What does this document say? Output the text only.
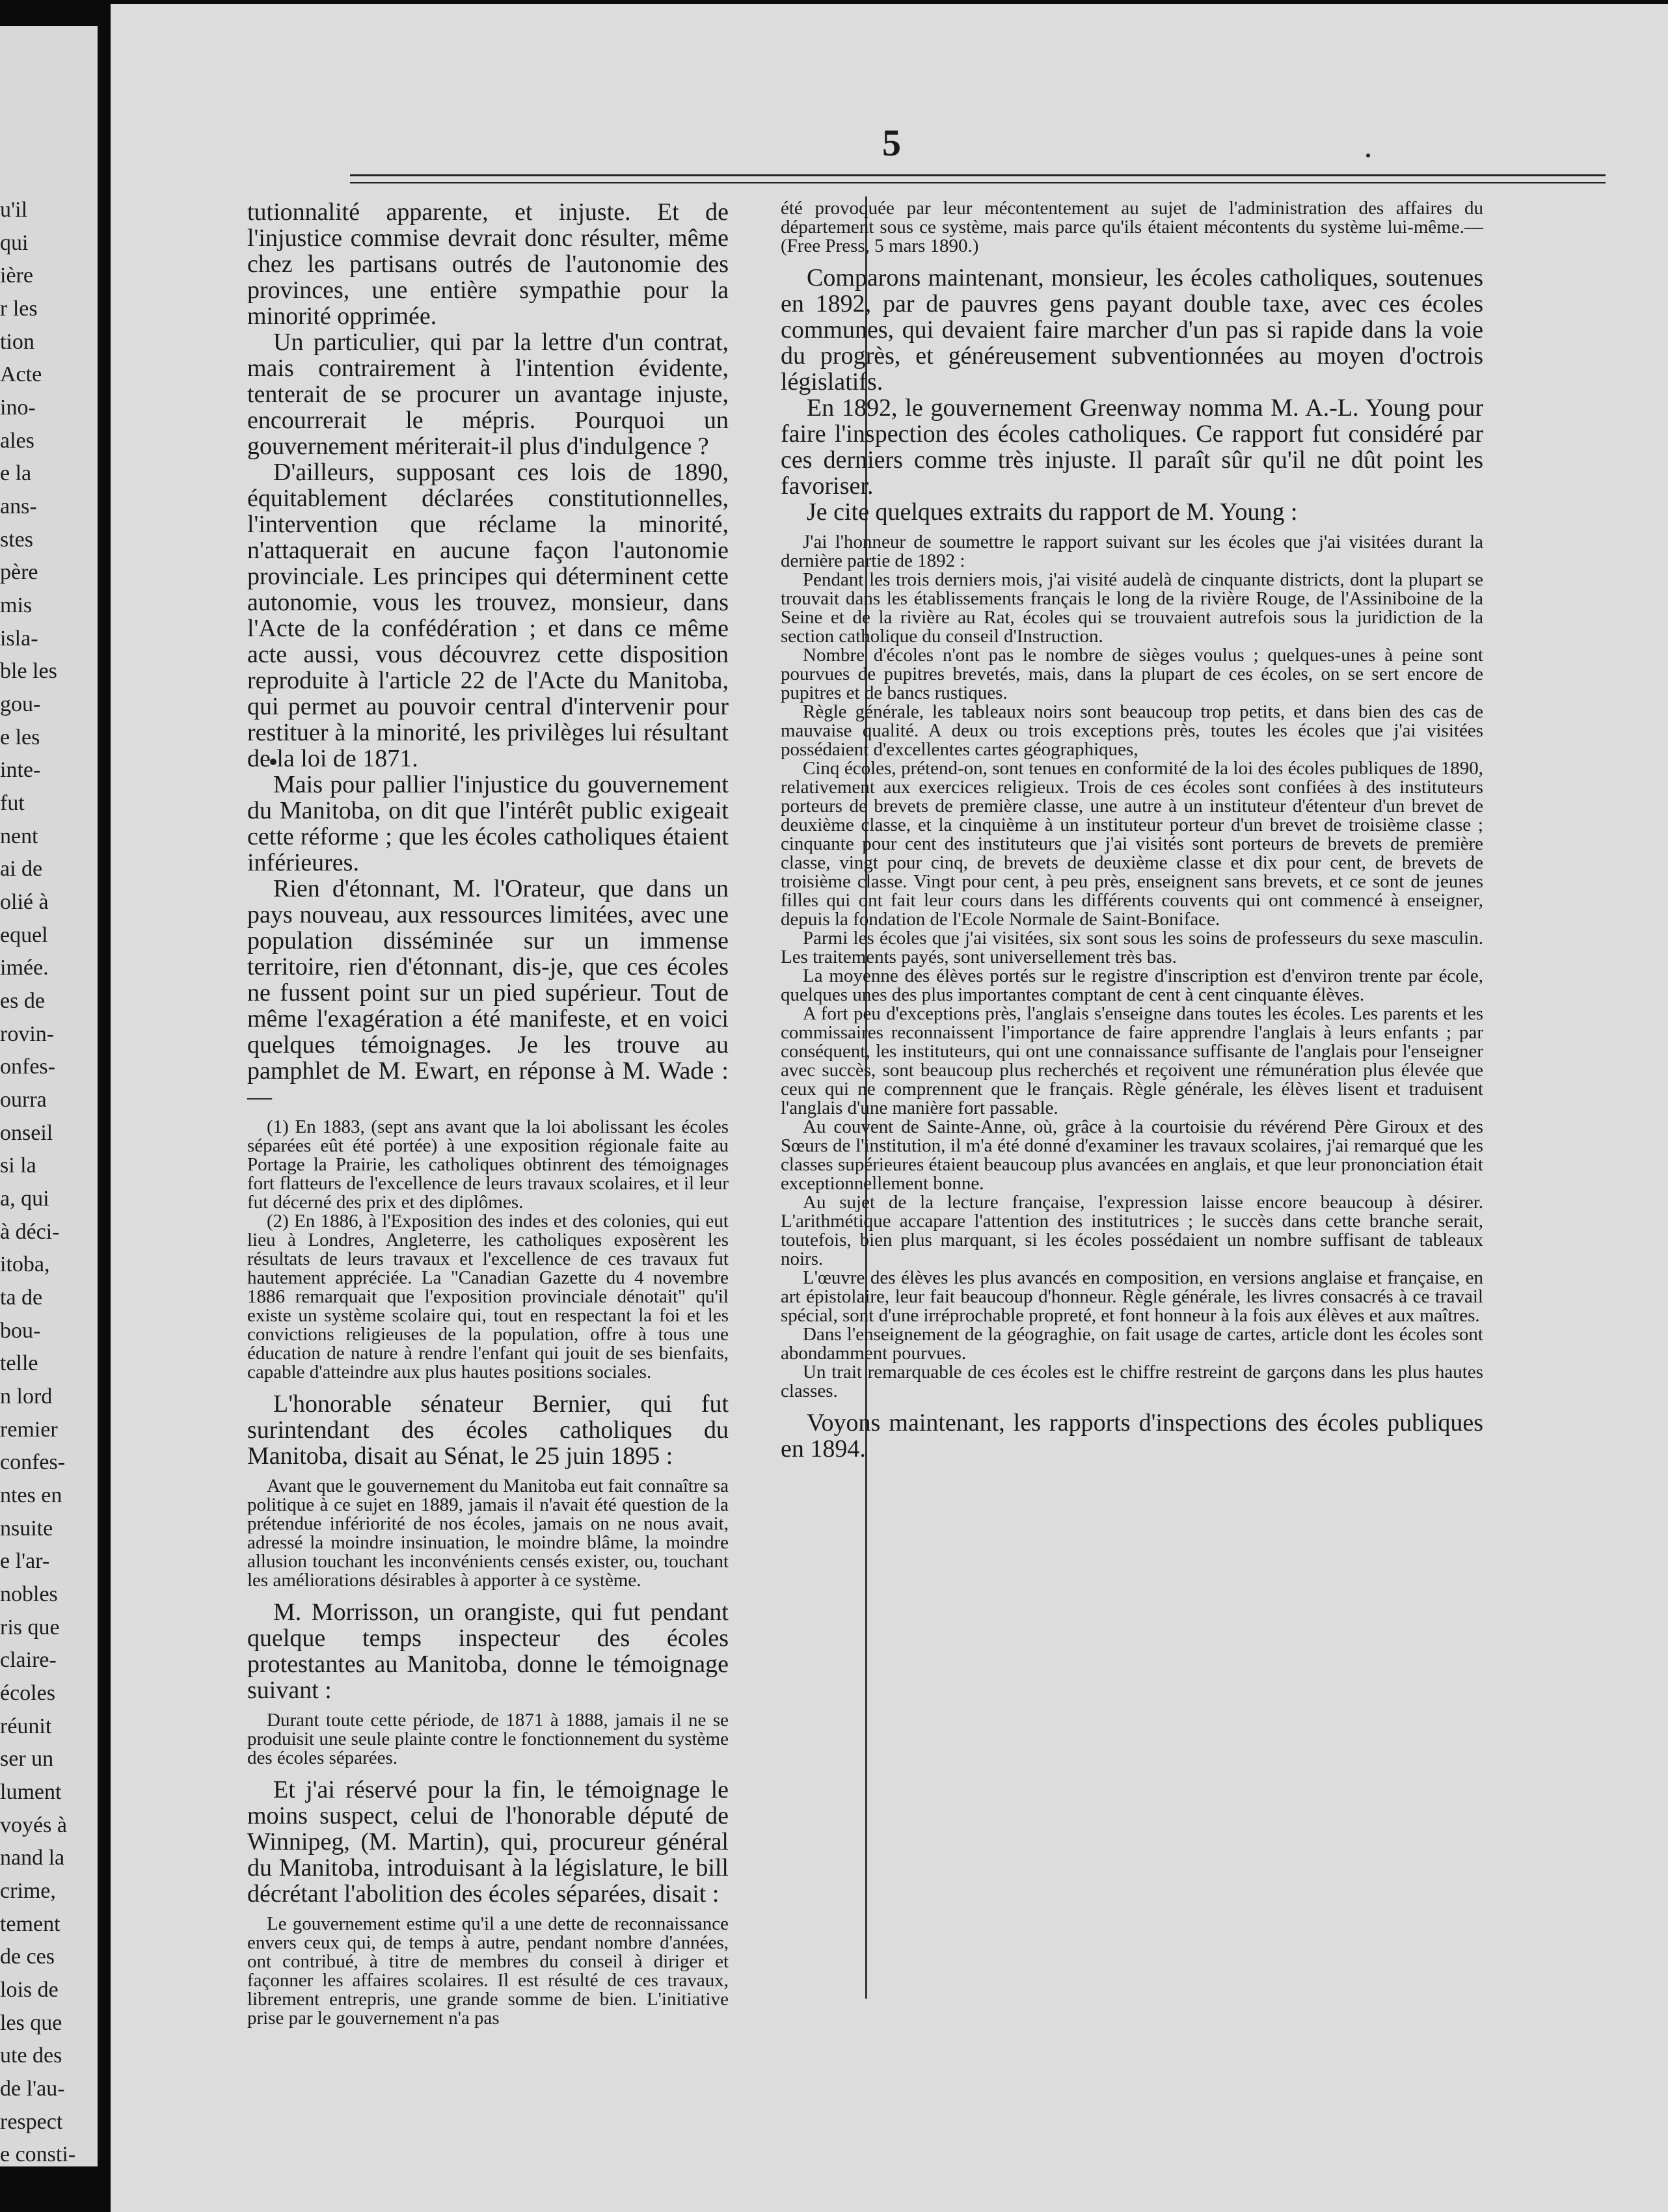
u'il
qui
ière
r les
tion
Acte
ino-
ales
e la
ans-
stes
père
mis
isla-
ble les
gou-
e les
inte-
fut
nent
ai de
olié à
equel
imée.
es de
rovin-
onfes-
ourra
onseil
si la
a, qui
à déci-
itoba,
ta de
bou-
telle
n lord
remier
confes-
ntes en
nsuite
e l'ar-
nobles
ris que
claire-
écoles
réunit
ser un
lument
voyés à
nand la
crime,
tement
de ces
lois de
les que
ute des
de l'au-
respect
e consti-
5

tutionnalité apparente, et injuste. Et de l'injustice commise devrait donc résulter, même chez les partisans outrés de l'autonomie des provinces, une entière sympathie pour la minorité opprimée.

Un particulier, qui par la lettre d'un contrat, mais contrairement à l'intention évidente, tenterait de se procurer un avantage injuste, encourrerait le mépris. Pourquoi un gouvernement mériterait-il plus d'indulgence ?

D'ailleurs, supposant ces lois de 1890, équitablement déclarées constitutionnelles, l'intervention que réclame la minorité, n'attaquerait en aucune façon l'autonomie provinciale. Les principes qui déterminent cette autonomie, vous les trouvez, monsieur, dans l'Acte de la confédération ; et dans ce même acte aussi, vous découvrez cette disposition reproduite à l'article 22 de l'Acte du Manitoba, qui permet au pouvoir central d'intervenir pour restituer à la minorité, les privilèges lui résultant de la loi de 1871.

Mais pour pallier l'injustice du gouvernement du Manitoba, on dit que l'intérêt public exigeait cette réforme ; que les écoles catholiques étaient inférieures.

Rien d'étonnant, M. l'Orateur, que dans un pays nouveau, aux ressources limitées, avec une population disséminée sur un immense territoire, rien d'étonnant, dis-je, que ces écoles ne fussent point sur un pied supérieur. Tout de même l'exagération a été manifeste, et en voici quelques témoignages. Je les trouve au pamphlet de M. Ewart, en réponse à M. Wade :—

(1) En 1883, (sept ans avant que la loi abolissant les écoles séparées eût été portée) à une exposition régionale faite au Portage la Prairie, les catholiques obtinrent des témoignages fort flatteurs de l'excellence de leurs travaux scolaires, et il leur fut décerné des prix et des diplômes.

(2) En 1886, à l'Exposition des indes et des colonies, qui eut lieu à Londres, Angleterre, les catholiques exposèrent les résultats de leurs travaux et l'excellence de ces travaux fut hautement appréciée. La "Canadian Gazette du 4 novembre 1886 remarquait que l'exposition provinciale dénotait" qu'il existe un système scolaire qui, tout en respectant la foi et les convictions religieuses de la population, offre à tous une éducation de nature à rendre l'enfant qui jouit de ses bienfaits, capable d'atteindre aux plus hautes positions sociales.

L'honorable sénateur Bernier, qui fut surintendant des écoles catholiques du Manitoba, disait au Sénat, le 25 juin 1895 :

Avant que le gouvernement du Manitoba eut fait connaître sa politique à ce sujet en 1889, jamais il n'avait été question de la prétendue infériorité de nos écoles, jamais on ne nous avait, adressé la moindre insinuation, le moindre blâme, la moindre allusion touchant les inconvénients censés exister, ou, touchant les améliorations désirables à apporter à ce système.

M. Morrisson, un orangiste, qui fut pendant quelque temps inspecteur des écoles protestantes au Manitoba, donne le témoignage suivant :

Durant toute cette période, de 1871 à 1888, jamais il ne se produisit une seule plainte contre le fonctionnement du système des écoles séparées.

Et j'ai réservé pour la fin, le témoignage le moins suspect, celui de l'honorable député de Winnipeg, (M. Martin), qui, procureur général du Manitoba, introduisant à la législature, le bill décrétant l'abolition des écoles séparées, disait :

Le gouvernement estime qu'il a une dette de reconnaissance envers ceux qui, de temps à autre, pendant nombre d'années, ont contribué, à titre de membres du conseil à diriger et façonner les affaires scolaires. Il est résulté de ces travaux, librement entrepris, une grande somme de bien. L'initiative prise par le gouvernement n'a pas

été provoquée par leur mécontentement au sujet de l'administration des affaires du département sous ce système, mais parce qu'ils étaient mécontents du système lui-même.—(Free Press, 5 mars 1890.)

Comparons maintenant, monsieur, les écoles catholiques, soutenues en 1892, par de pauvres gens payant double taxe, avec ces écoles communes, qui devaient faire marcher d'un pas si rapide dans la voie du progrès, et généreusement subventionnées au moyen d'octrois législatifs.

En 1892, le gouvernement Greenway nomma M. A.-L. Young pour faire l'inspection des écoles catholiques. Ce rapport fut considéré par ces derniers comme très injuste. Il paraît sûr qu'il ne dût point les favoriser.

Je cite quelques extraits du rapport de M. Young :

J'ai l'honneur de soumettre le rapport suivant sur les écoles que j'ai visitées durant la dernière partie de 1892 :

Pendant les trois derniers mois, j'ai visité audelà de cinquante districts, dont la plupart se trouvait dans les établissements français le long de la rivière Rouge, de l'Assiniboine de la Seine et de la rivière au Rat, écoles qui se trouvaient autrefois sous la juridiction de la section catholique du conseil d'Instruction.

Nombre d'écoles n'ont pas le nombre de sièges voulus ; quelques-unes à peine sont pourvues de pupitres brevetés, mais, dans la plupart de ces écoles, on se sert encore de pupitres et de bancs rustiques.

Règle générale, les tableaux noirs sont beaucoup trop petits, et dans bien des cas de mauvaise qualité. A deux ou trois exceptions près, toutes les écoles que j'ai visitées possédaient d'excellentes cartes géographiques,

Cinq écoles, prétend-on, sont tenues en conformité de la loi des écoles publiques de 1890, relativement aux exercices religieux. Trois de ces écoles sont confiées à des instituteurs porteurs de brevets de première classe, une autre à un instituteur d'étenteur d'un brevet de deuxième classe, et la cinquième à un instituteur porteur d'un brevet de troisième classe ; cinquante pour cent des instituteurs que j'ai visités sont porteurs de brevets de première classe, vingt pour cinq, de brevets de deuxième classe et dix pour cent, de brevets de troisième classe. Vingt pour cent, à peu près, enseignent sans brevets, et ce sont de jeunes filles qui ont fait leur cours dans les différents couvents qui ont commencé à enseigner, depuis la fondation de l'Ecole Normale de Saint-Boniface.

Parmi les écoles que j'ai visitées, six sont sous les soins de professeurs du sexe masculin. Les traitements payés, sont universellement très bas.

La moyenne des élèves portés sur le registre d'inscription est d'environ trente par école, quelques unes des plus importantes comptant de cent à cent cinquante élèves.

A fort peu d'exceptions près, l'anglais s'enseigne dans toutes les écoles. Les parents et les commissaires reconnaissent l'importance de faire apprendre l'anglais à leurs enfants ; par conséquent, les instituteurs, qui ont une connaissance suffisante de l'anglais pour l'enseigner avec succès, sont beaucoup plus recherchés et reçoivent une rémunération plus élevée que ceux qui ne comprennent que le français. Règle générale, les élèves lisent et traduisent l'anglais d'une manière fort passable.

Au couvent de Sainte-Anne, où, grâce à la courtoisie du révérend Père Giroux et des Sœurs de l'institution, il m'a été donné d'examiner les travaux scolaires, j'ai remarqué que les classes supérieures étaient beaucoup plus avancées en anglais, et que leur prononciation était exceptionnellement bonne.

Au sujet de la lecture française, l'expression laisse encore beaucoup à désirer. L'arithmétique accapare l'attention des institutrices ; le succès dans cette branche serait, toutefois, bien plus marquant, si les écoles possédaient un nombre suffisant de tableaux noirs.

L'œuvre des élèves les plus avancés en composition, en versions anglaise et française, en art épistolaire, leur fait beaucoup d'honneur. Règle générale, les livres consacrés à ce travail spécial, sont d'une irréprochable propreté, et font honneur à la fois aux élèves et aux maîtres.

Dans l'enseignement de la géograghie, on fait usage de cartes, article dont les écoles sont abondamment pourvues.

Un trait remarquable de ces écoles est le chiffre restreint de garçons dans les plus hautes classes.

Voyons maintenant, les rapports d'inspections des écoles publiques en 1894.
